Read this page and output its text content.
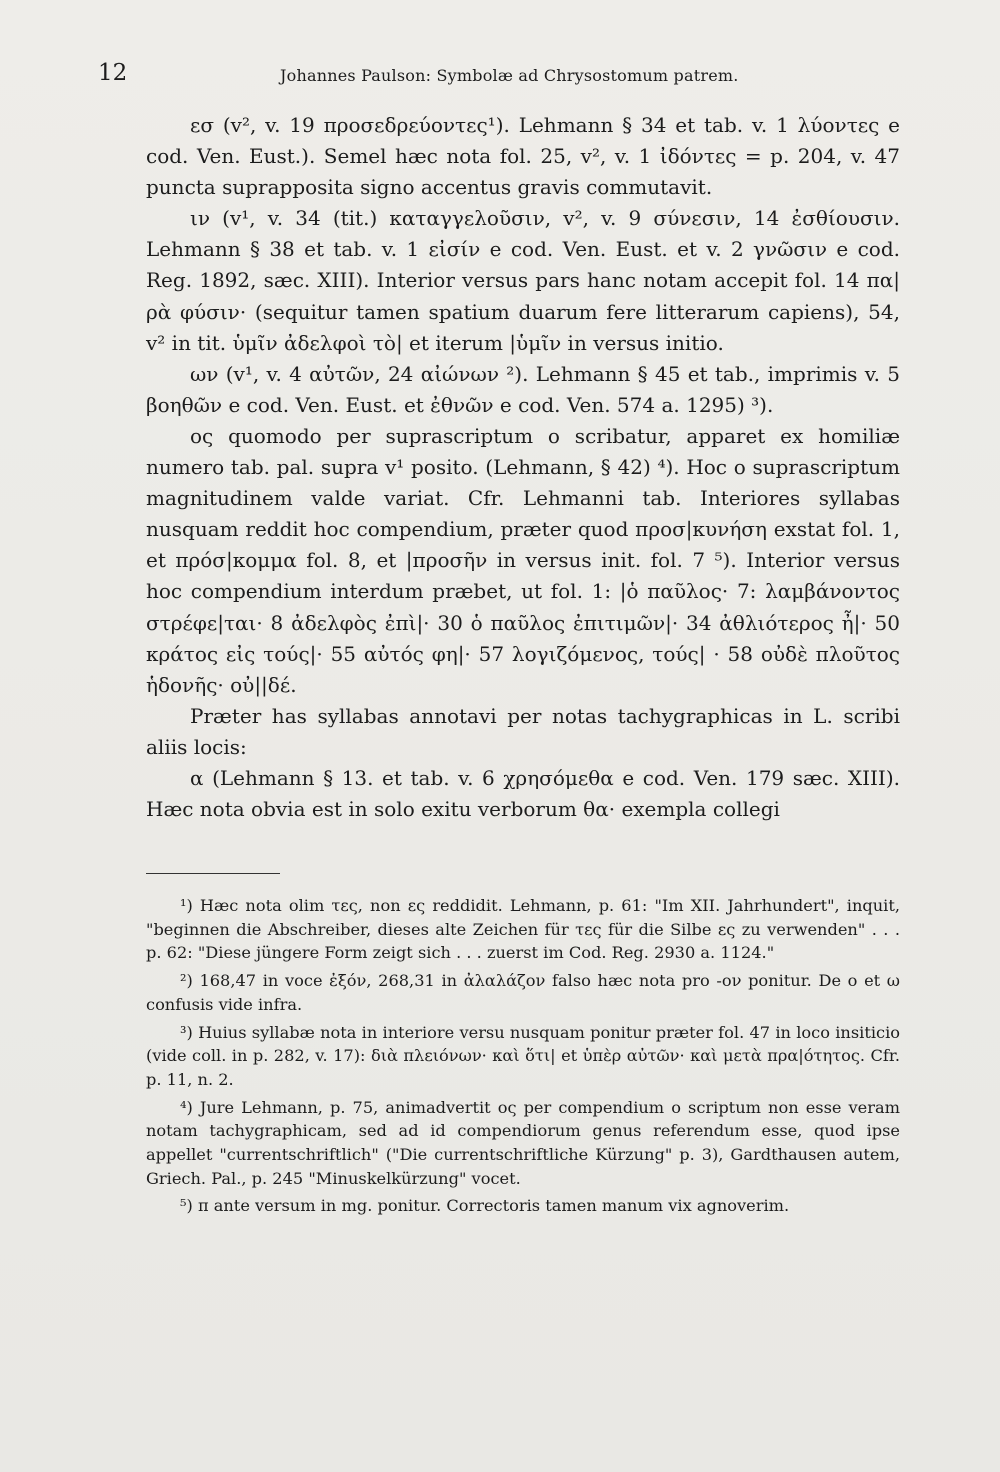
12	Johannes Paulson: Symbolæ ad Chrysostomum patrem.

εσ (v², v. 19 προσεδρεύοντες¹). Lehmann § 34 et tab. v. 1 λύοντες e cod. Ven. Eust.). Semel hæc nota fol. 25, v², v. 1 ἰδόντες = p. 204, v. 47 puncta suprapposita signo accentus gravis commutavit.

ιν (v¹, v. 34 (tit.) καταγγελοῦσιν, v², v. 9 σύνεσιν, 14 ἐσθίουσιν. Lehmann § 38 et tab. v. 1 εἰσίν e cod. Ven. Eust. et v. 2 γνῶσιν e cod. Reg. 1892, sæc. XIII). Interior versus pars hanc notam accepit fol. 14 πα|ρὰ φύσιν· (sequitur tamen spatium duarum fere litterarum capiens), 54, v² in tit. ὑμῖν ἀδελφοὶ τὸ| et iterum |ὑμῖν in versus initio.

ων (v¹, v. 4 αὐτῶν, 24 αἰώνων ²). Lehmann § 45 et tab., imprimis v. 5 βοηθῶν e cod. Ven. Eust. et ἐθνῶν e cod. Ven. 574 a. 1295) ³).

ος quomodo per suprascriptum ο scribatur, apparet ex homiliæ numero tab. pal. supra v¹ posito. (Lehmann, § 42) ⁴). Hoc ο suprascriptum magnitudinem valde variat. Cfr. Lehmanni tab. Interiores syllabas nusquam reddit hoc compendium, præter quod προσ|κυνήση exstat fol. 1, et πρόσ|κομμα fol. 8, et |προσῆν in versus init. fol. 7 ⁵). Interior versus hoc compendium interdum præbet, ut fol. 1: |ὁ παῦλος· 7: λαμβάνοντος στρέφε|ται· 8 ἀδελφὸς ἐπὶ|· 30 ὁ παῦλος ἐπιτιμῶν|· 34 ἀθλιότερος ἦ|· 50 κράτος εἰς τούς|· 55 αὐτός φη|· 57 λογιζόμενος, τούς| · 58 οὐδὲ πλοῦτος ἡδονῆς· οὐ||δέ.

Præter has syllabas annotavi per notas tachygraphicas in L. scribi aliis locis:

α (Lehmann § 13. et tab. v. 6 χρησόμεθα e cod. Ven. 179 sæc. XIII). Hæc nota obvia est in solo exitu verborum θα· exempla collegi

¹) Hæc nota olim τες, non ες reddidit. Lehmann, p. 61: "Im XII. Jahrhundert", inquit, "beginnen die Abschreiber, dieses alte Zeichen für τες für die Silbe ες zu verwenden" . . . p. 62: "Diese jüngere Form zeigt sich . . . zuerst im Cod. Reg. 2930 a. 1124."

²) 168,47 in voce ἐξόν, 268,31 in ἀλαλάζον falso hæc nota pro -ον ponitur. De ο et ω confusis vide infra.

³) Huius syllabæ nota in interiore versu nusquam ponitur præter fol. 47 in loco insiticio (vide coll. in p. 282, v. 17): διὰ πλειόνων· καὶ ὅτι| et ὑπὲρ αὐτῶν· καὶ μετὰ πρα|ότητος. Cfr. p. 11, n. 2.

⁴) Jure Lehmann, p. 75, animadvertit ος per compendium ο scriptum non esse veram notam tachygraphicam, sed ad id compendiorum genus referendum esse, quod ipse appellet "currentschriftlich" ("Die currentschriftliche Kürzung" p. 3), Gardthausen autem, Griech. Pal., p. 245 "Minuskelkürzung" vocet.

⁵) π ante versum in mg. ponitur. Correctoris tamen manum vix agnoverim.
